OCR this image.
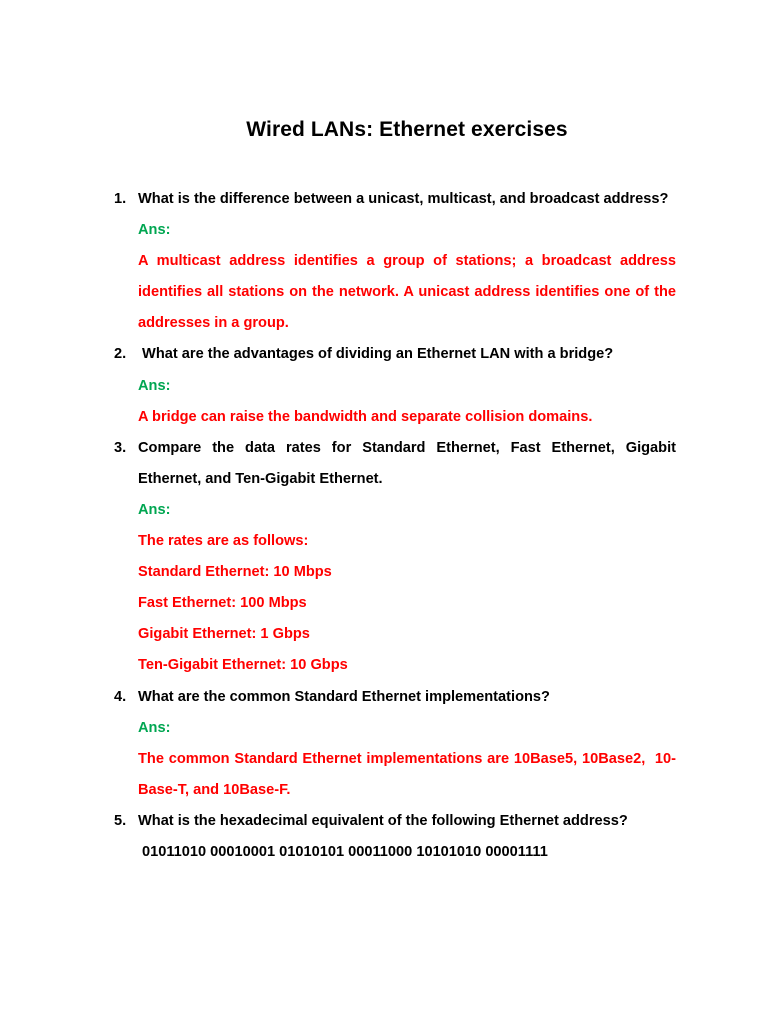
Wired LANs: Ethernet exercises
1. What is the difference between a unicast, multicast, and broadcast address?
Ans:
A multicast address identifies a group of stations; a broadcast address identifies all stations on the network. A unicast address identifies one of the addresses in a group.
2. What are the advantages of dividing an Ethernet LAN with a bridge?
Ans:
A bridge can raise the bandwidth and separate collision domains.
3. Compare the data rates for Standard Ethernet, Fast Ethernet, Gigabit Ethernet, and Ten-Gigabit Ethernet.
Ans:
The rates are as follows:
Standard Ethernet: 10 Mbps
Fast Ethernet: 100 Mbps
Gigabit Ethernet: 1 Gbps
Ten-Gigabit Ethernet: 10 Gbps
4. What are the common Standard Ethernet implementations?
Ans:
The common Standard Ethernet implementations are 10Base5, 10Base2,  10-Base-T, and 10Base-F.
5. What is the hexadecimal equivalent of the following Ethernet address?
01011010 00010001 01010101 00011000 10101010 00001111
